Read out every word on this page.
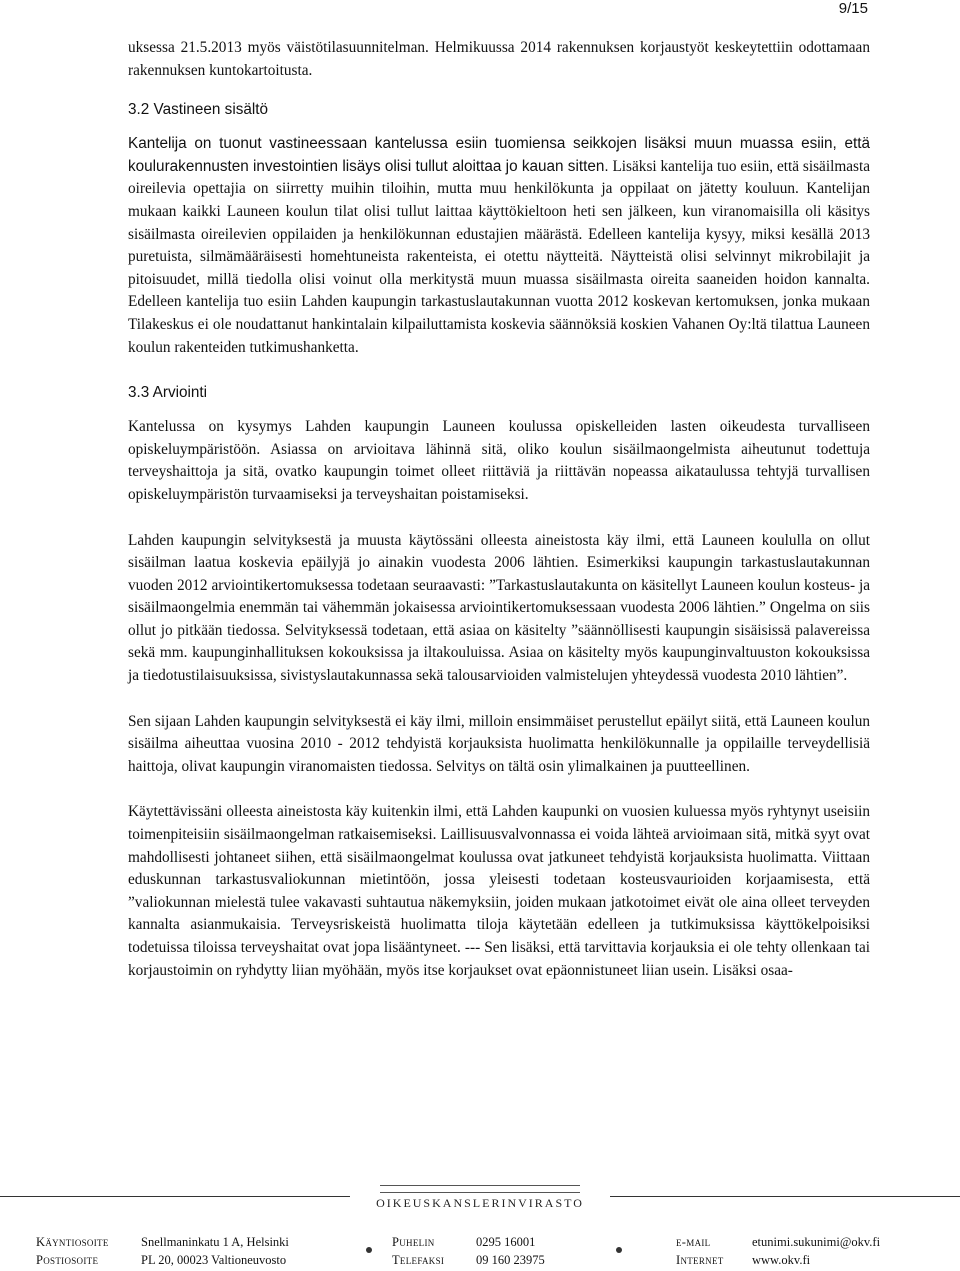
9/15

uksessa 21.5.2013 myös väistötilasuunnitelman. Helmikuussa 2014 rakennuksen korjaustyöt keskeytettiin odottamaan rakennuksen kuntokartoitusta.

3.2 Vastineen sisältö

Kantelija on tuonut vastineessaan kantelussa esiin tuomiensa seikkojen lisäksi muun muassa esiin, että koulurakennusten investointien lisäys olisi tullut aloittaa jo kauan sitten. Lisäksi kantelija tuo esiin, että sisäilmasta oireilevia opettajia on siirretty muihin tiloihin, mutta muu henkilökunta ja oppilaat on jätetty kouluun. Kantelijan mukaan kaikki Launeen koulun tilat olisi tullut laittaa käyttökieltoon heti sen jälkeen, kun viranomaisilla oli käsitys sisäilmasta oireilevien oppilaiden ja henkilökunnan edustajien määrästä. Edelleen kantelija kysyy, miksi kesällä 2013 puretuista, silmämääräisesti homehtuneista rakenteista, ei otettu näytteitä. Näytteistä olisi selvinnyt mikrobilajit ja pitoisuudet, millä tiedolla olisi voinut olla merkitystä muun muassa sisäilmasta oireita saaneiden hoidon kannalta. Edelleen kantelija tuo esiin Lahden kaupungin tarkastuslautakunnan vuotta 2012 koskevan kertomuksen, jonka mukaan Tilakeskus ei ole noudattanut hankintalain kilpailuttamista koskevia säännöksiä koskien Vahanen Oy:ltä tilattua Launeen koulun rakenteiden tutkimushanketta.

3.3 Arviointi

Kantelussa on kysymys Lahden kaupungin Launeen koulussa opiskelleiden lasten oikeudesta turvalliseen opiskeluympäristöön. Asiassa on arvioitava lähinnä sitä, oliko koulun sisäilmaongelmista aiheutunut todettuja terveyshaittoja ja sitä, ovatko kaupungin toimet olleet riittäviä ja riittävän nopeassa aikataulussa tehtyjä turvallisen opiskeluympäristön turvaamiseksi ja terveyshaitan poistamiseksi.

Lahden kaupungin selvityksestä ja muusta käytössäni olleesta aineistosta käy ilmi, että Launeen koululla on ollut sisäilman laatua koskevia epäilyjä jo ainakin vuodesta 2006 lähtien. Esimerkiksi kaupungin tarkastuslautakunnan vuoden 2012 arviointikertomuksessa todetaan seuraavasti: ”Tarkastuslautakunta on käsitellyt Launeen koulun kosteus- ja sisäilmaongelmia enemmän tai vähemmän jokaisessa arviointikertomuksessaan vuodesta 2006 lähtien.” Ongelma on siis ollut jo pitkään tiedossa. Selvityksessä todetaan, että asiaa on käsitelty ”säännöllisesti kaupungin sisäisissä palavereissa sekä mm. kaupunginhallituksen kokouksissa ja iltakouluissa. Asiaa on käsitelty myös kaupunginvaltuuston kokouksissa ja tiedotustilaisuuksissa, sivistyslautakunnassa sekä talousarvioiden valmistelujen yhteydessä vuodesta 2010 lähtien”.

Sen sijaan Lahden kaupungin selvityksestä ei käy ilmi, milloin ensimmäiset perustellut epäilyt siitä, että Launeen koulun sisäilma aiheuttaa vuosina 2010 - 2012 tehdyistä korjauksista huolimatta henkilökunnalle ja oppilaille terveydellisiä haittoja, olivat kaupungin viranomaisten tiedossa. Selvitys on tältä osin ylimalkainen ja puutteellinen.

Käytettävissäni olleesta aineistosta käy kuitenkin ilmi, että Lahden kaupunki on vuosien kuluessa myös ryhtynyt useisiin toimenpiteisiin sisäilmaongelman ratkaisemiseksi. Laillisuusvalvonnassa ei voida lähteä arvioimaan sitä, mitkä syyt ovat mahdollisesti johtaneet siihen, että sisäilmaongelmat koulussa ovat jatkuneet tehdyistä korjauksista huolimatta. Viittaan eduskunnan tarkastusvaliokunnan mietintöön, jossa yleisesti todetaan kosteusvaurioiden korjaamisesta, että ”valiokunnan mielestä tulee vakavasti suhtautua näkemyksiin, joiden mukaan jatkotoimet eivät ole aina olleet terveyden kannalta asianmukaisia. Terveysriskeistä huolimatta tiloja käytetään edelleen ja tutkimuksissa käyttökelpoisiksi todetuissa tiloissa terveyshaitat ovat jopa lisääntyneet. --- Sen lisäksi, että tarvittavia korjauksia ei ole tehty ollenkaan tai korjaustoimin on ryhdytty liian myöhään, myös itse korjaukset ovat epäonnistuneet liian usein. Lisäksi osaa-

OIKEUSKANSLERINVIRASTO
Käyntiosoite	Snellmaninkatu 1 A, Helsinki	Puhelin	0295 16001	e-mail	etunimi.sukunimi@okv.fi
Postiosoite	PL 20, 00023 Valtioneuvosto	Telefaksi	09 160 23975	Internet www.okv.fi
